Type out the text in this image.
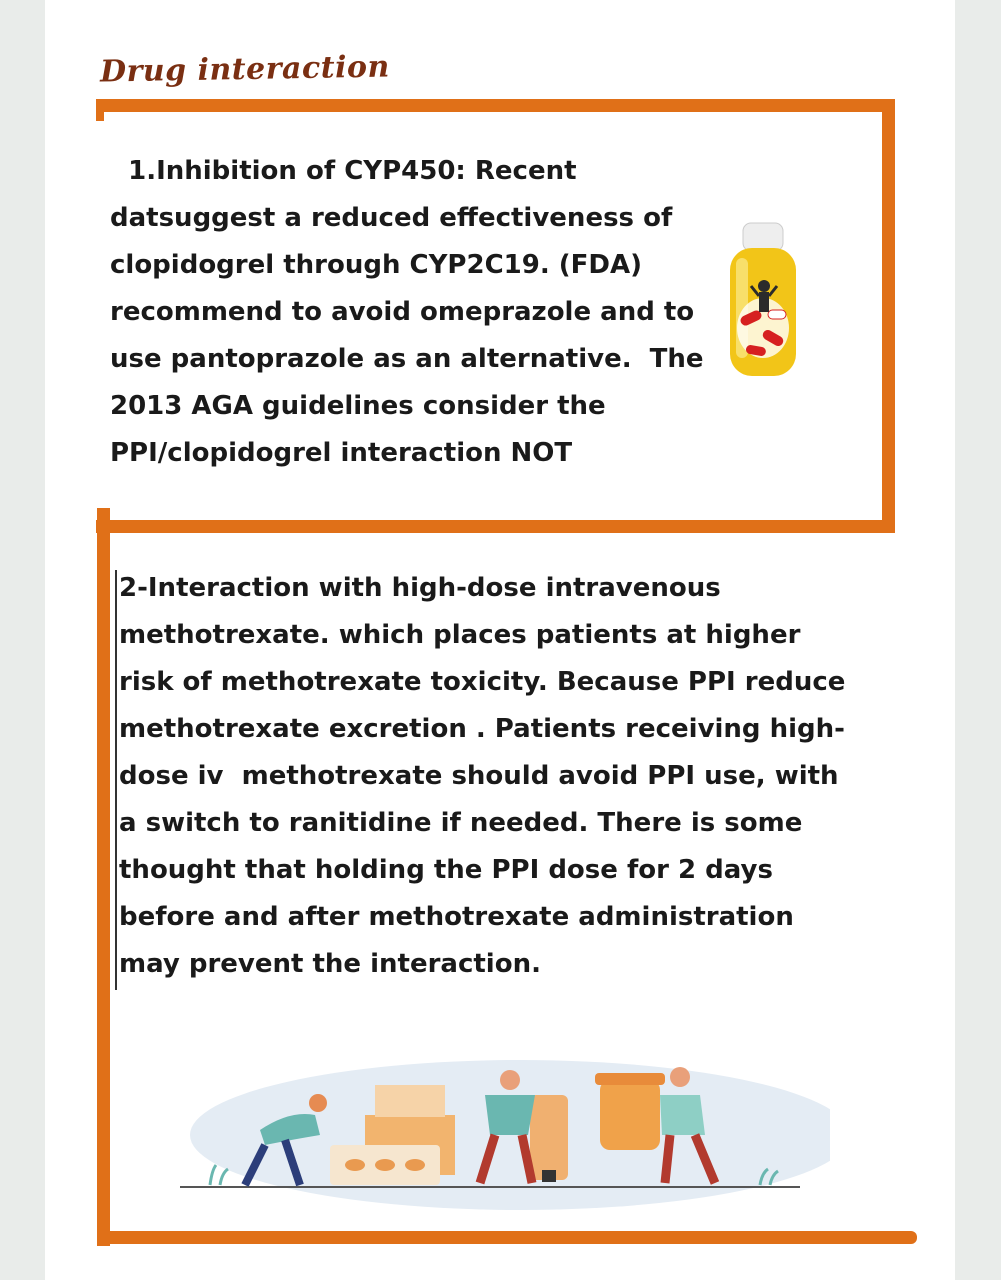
Drug interaction
1.Inhibition of CYP450: Recent
datsuggest a reduced effectiveness of
clopidogrel through CYP2C19. (FDA)
recommend to avoid omeprazole and to
use pantoprazole as an alternative.  The
2013 AGA guidelines consider the
PPI/clopidogrel interaction NOT
2-Interaction with high-dose intravenous
methotrexate. which places patients at higher
risk of methotrexate toxicity. Because PPI reduce
methotrexate excretion . Patients receiving high-
dose iv  methotrexate should avoid PPI use, with
a switch to ranitidine if needed. There is some
thought that holding the PPI dose for 2 days
before and after methotrexate administration
may prevent the interaction.
